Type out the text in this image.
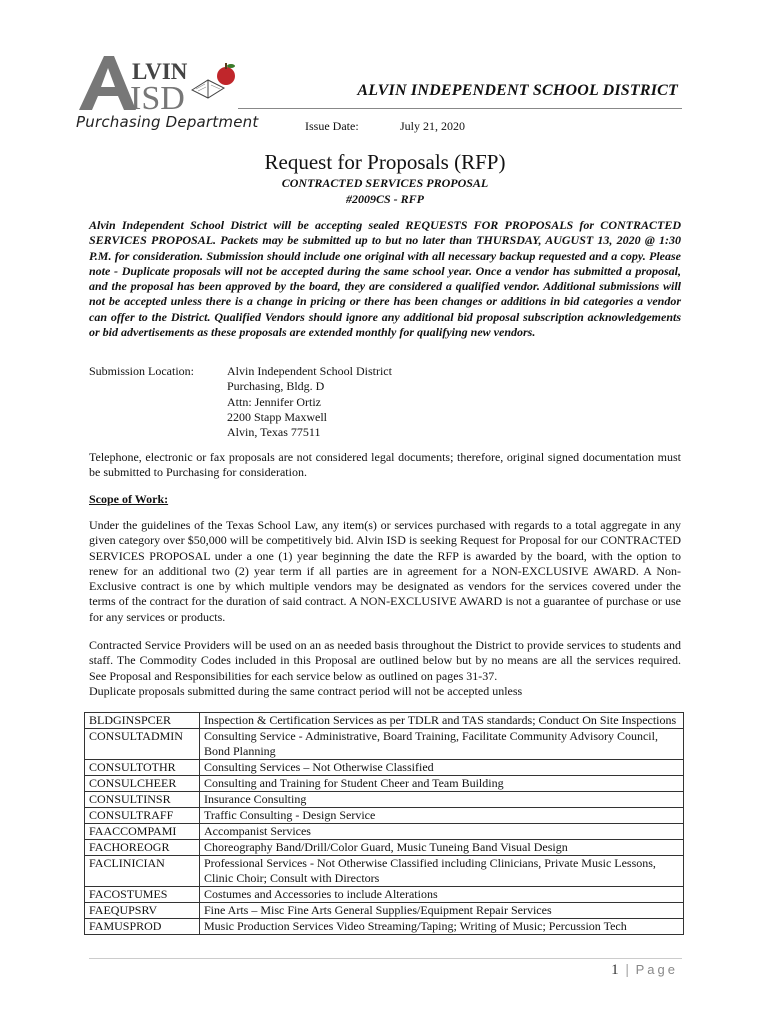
LVIN
ISD
Purchasing Department
ALVIN INDEPENDENT SCHOOL DISTRICT
Issue Date:	July 21, 2020
Request for Proposals (RFP)
CONTRACTED SERVICES PROPOSAL
#2009CS - RFP

Alvin Independent School District will be accepting sealed REQUESTS FOR PROPOSALS for CONTRACTED SERVICES PROPOSAL. Packets may be submitted up to but no later than THURSDAY, AUGUST 13, 2020 @ 1:30 P.M. for consideration. Submission should include one original with all necessary backup requested and a copy. Please note - Duplicate proposals will not be accepted during the same school year. Once a vendor has submitted a proposal, and the proposal has been approved by the board, they are considered a qualified vendor. Additional submissions will not be accepted unless there is a change in pricing or there has been changes or additions in bid categories a vendor can offer to the District. Qualified Vendors should ignore any additional bid proposal subscription acknowledgements or bid advertisements as these proposals are extended monthly for qualifying new vendors.

Submission Location:	Alvin Independent School District
Purchasing, Bldg. D
Attn: Jennifer Ortiz
2200 Stapp Maxwell
Alvin, Texas 77511

Telephone, electronic or fax proposals are not considered legal documents; therefore, original signed documentation must be submitted to Purchasing for consideration.

Scope of Work:

Under the guidelines of the Texas School Law, any item(s) or services purchased with regards to a total aggregate in any given category over $50,000 will be competitively bid. Alvin ISD is seeking Request for Proposal for our CONTRACTED SERVICES PROPOSAL under a one (1) year beginning the date the RFP is awarded by the board, with the option to renew for an additional two (2) year term if all parties are in agreement for a NON-EXCLUSIVE AWARD. A Non-Exclusive contract is one by which multiple vendors may be designated as vendors for the services covered under the terms of the contract for the duration of said contract. A NON-EXCLUSIVE AWARD is not a guarantee of purchase or use for any services or products.

Contracted Service Providers will be used on an as needed basis throughout the District to provide services to students and staff. The Commodity Codes included in this Proposal are outlined below but by no means are all the services required. See Proposal and Responsibilities for each service below as outlined on pages 31-37.
Duplicate proposals submitted during the same contract period will not be accepted unless

BLDGINSPCER	Inspection & Certification Services as per TDLR and TAS standards; Conduct On Site Inspections
CONSULTADMIN	Consulting Service - Administrative, Board Training, Facilitate Community Advisory Council, Bond Planning
CONSULTOTHR	Consulting Services – Not Otherwise Classified
CONSULCHEER	Consulting and Training for Student Cheer and Team Building
CONSULTINSR	Insurance Consulting
CONSULTRAFF	Traffic Consulting - Design Service
FAACCOMPAMI	Accompanist Services
FACHOREOGR	Choreography Band/Drill/Color Guard, Music Tuneing Band Visual Design
FACLINICIAN	Professional Services - Not Otherwise Classified including Clinicians, Private Music Lessons, Clinic Choir; Consult with Directors
FACOSTUMES	Costumes and Accessories to include Alterations
FAEQUPSRV	Fine Arts – Misc Fine Arts General Supplies/Equipment Repair Services
FAMUSPROD	Music Production Services Video Streaming/Taping; Writing of Music; Percussion Tech
1 | Page
